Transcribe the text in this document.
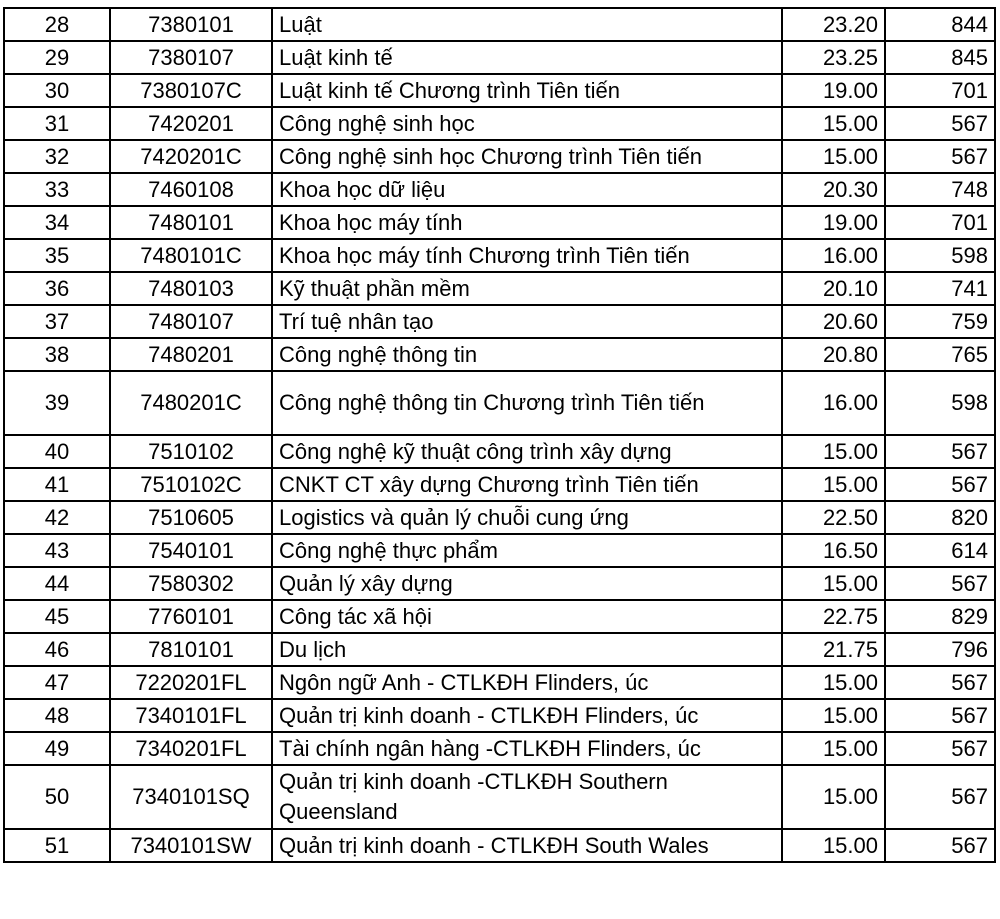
28	7380101	Luật	23.20	844
29	7380107	Luật kinh tế	23.25	845
30	7380107C	Luật kinh tế Chương trình Tiên tiến	19.00	701
31	7420201	Công nghệ sinh học	15.00	567
32	7420201C	Công nghệ sinh học Chương trình Tiên tiến	15.00	567
33	7460108	Khoa học dữ liệu	20.30	748
34	7480101	Khoa học máy tính	19.00	701
35	7480101C	Khoa học máy tính Chương trình Tiên tiến	16.00	598
36	7480103	Kỹ thuật phần mềm	20.10	741
37	7480107	Trí tuệ nhân tạo	20.60	759
38	7480201	Công nghệ thông tin	20.80	765
39	7480201C	Công nghệ thông tin Chương trình Tiên tiến	16.00	598
40	7510102	Công nghệ kỹ thuật công trình xây dựng	15.00	567
41	7510102C	CNKT CT xây dựng Chương trình Tiên tiến	15.00	567
42	7510605	Logistics và quản lý chuỗi cung ứng	22.50	820
43	7540101	Công nghệ thực phẩm	16.50	614
44	7580302	Quản lý xây dựng	15.00	567
45	7760101	Công tác xã hội	22.75	829
46	7810101	Du lịch	21.75	796
47	7220201FL	Ngôn ngữ Anh - CTLKĐH Flinders, úc	15.00	567
48	7340101FL	Quản trị kinh doanh - CTLKĐH Flinders, úc	15.00	567
49	7340201FL	Tài chính ngân hàng -CTLKĐH Flinders, úc	15.00	567
50	7340101SQ	Quản trị kinh doanh -CTLKĐH Southern Queensland	15.00	567
51	7340101SW	Quản trị kinh doanh - CTLKĐH South Wales	15.00	567
